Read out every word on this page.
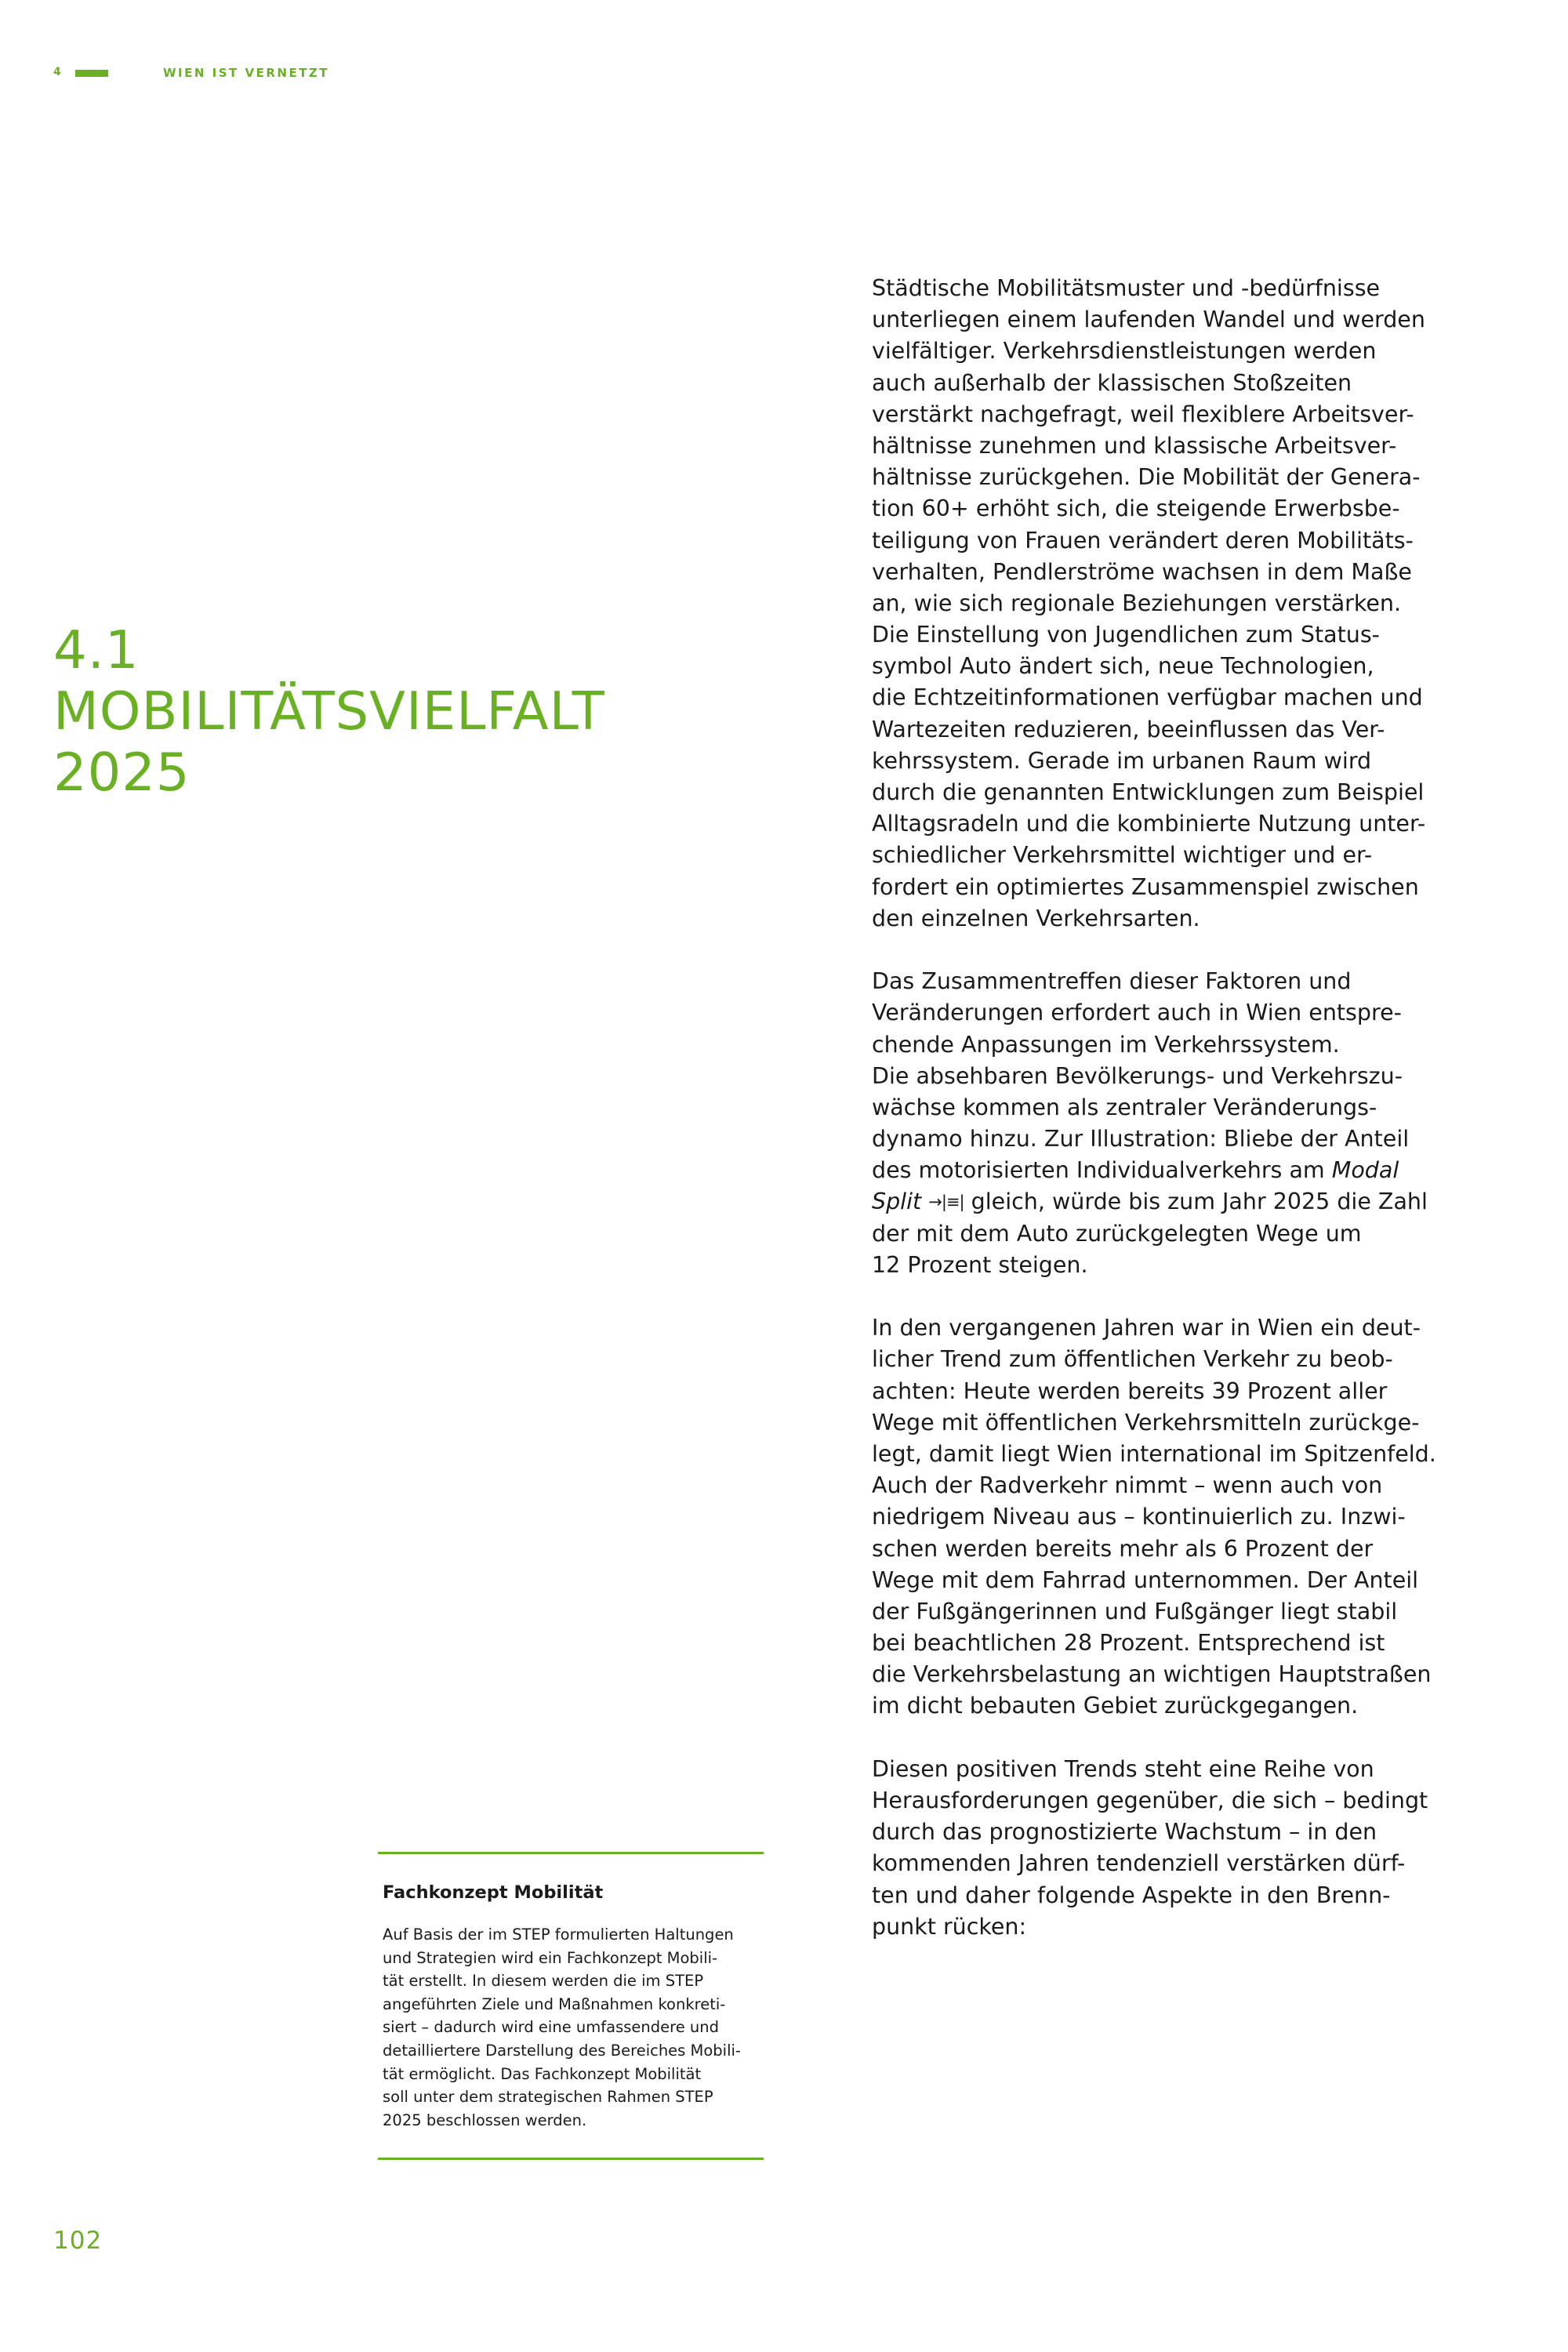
4	WIEN IST VERNETZT
4.1
MOBILITÄTSVIELFALT
2025
Städtische Mobilitätsmuster und -bedürfnisse
unterliegen einem laufenden Wandel und werden
vielfältiger. Verkehrsdienstleistungen werden
auch außerhalb der klassischen Stoßzeiten
verstärkt nachgefragt, weil flexiblere Arbeitsver-
hältnisse zunehmen und klassische Arbeitsver-
hältnisse zurückgehen. Die Mobilität der Genera-
tion 60+ erhöht sich, die steigende Erwerbsbe-
teiligung von Frauen verändert deren Mobilitäts-
verhalten, Pendlerströme wachsen in dem Maße
an, wie sich regionale Beziehungen verstärken.
Die Einstellung von Jugendlichen zum Status-
symbol Auto ändert sich, neue Technologien,
die Echtzeitinformationen verfügbar machen und
Wartezeiten reduzieren, beeinflussen das Ver-
kehrssystem. Gerade im urbanen Raum wird
durch die genannten Entwicklungen zum Beispiel
Alltagsradeln und die kombinierte Nutzung unter-
schiedlicher Verkehrsmittel wichtiger und er-
fordert ein optimiertes Zusammenspiel zwischen
den einzelnen Verkehrsarten.
Das Zusammentreffen dieser Faktoren und
Veränderungen erfordert auch in Wien entspre-
chende Anpassungen im Verkehrssystem.
Die absehbaren Bevölkerungs- und Verkehrszu-
wächse kommen als zentraler Veränderungs-
dynamo hinzu. Zur Illustration: Bliebe der Anteil
des motorisierten Individualverkehrs am Modal
Split →|≡| gleich, würde bis zum Jahr 2025 die Zahl
der mit dem Auto zurückgelegten Wege um
12 Prozent steigen.
In den vergangenen Jahren war in Wien ein deut-
licher Trend zum öffentlichen Verkehr zu beob-
achten: Heute werden bereits 39 Prozent aller
Wege mit öffentlichen Verkehrsmitteln zurückge-
legt, damit liegt Wien international im Spitzenfeld.
Auch der Radverkehr nimmt – wenn auch von
niedrigem Niveau aus – kontinuierlich zu. Inzwi-
schen werden bereits mehr als 6 Prozent der
Wege mit dem Fahrrad unternommen. Der Anteil
der Fußgängerinnen und Fußgänger liegt stabil
bei beachtlichen 28 Prozent. Entsprechend ist
die Verkehrsbelastung an wichtigen Hauptstraßen
im dicht bebauten Gebiet zurückgegangen.
Diesen positiven Trends steht eine Reihe von
Herausforderungen gegenüber, die sich – bedingt
durch das prognostizierte Wachstum – in den
kommenden Jahren tendenziell verstärken dürf-
ten und daher folgende Aspekte in den Brenn-
punkt rücken:
Fachkonzept Mobilität
Auf Basis der im STEP formulierten Haltungen
und Strategien wird ein Fachkonzept Mobili-
tät erstellt. In diesem werden die im STEP
angeführten Ziele und Maßnahmen konkreti-
siert – dadurch wird eine umfassendere und
detailliertere Darstellung des Bereiches Mobili-
tät ermöglicht. Das Fachkonzept Mobilität
soll unter dem strategischen Rahmen STEP
2025 beschlossen werden.
102
